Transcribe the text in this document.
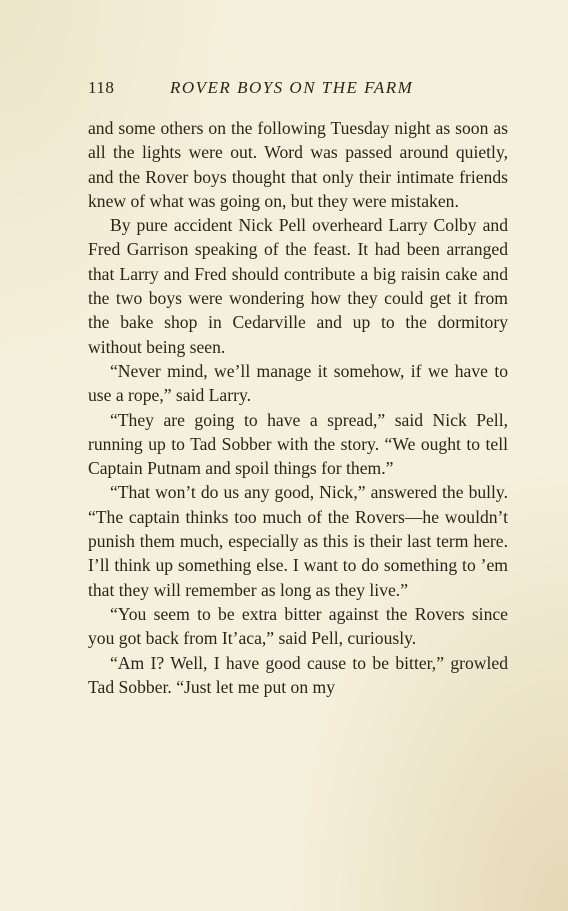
118	ROVER BOYS ON THE FARM

and some others on the following Tuesday night as soon as all the lights were out. Word was passed around quietly, and the Rover boys thought that only their intimate friends knew of what was going on, but they were mistaken.

By pure accident Nick Pell overheard Larry Colby and Fred Garrison speaking of the feast. It had been arranged that Larry and Fred should contribute a big raisin cake and the two boys were wondering how they could get it from the bake shop in Cedarville and up to the dormitory without being seen.

“Never mind, we’ll manage it somehow, if we have to use a rope,” said Larry.

“They are going to have a spread,” said Nick Pell, running up to Tad Sobber with the story. “We ought to tell Captain Putnam and spoil things for them.”

“That won’t do us any good, Nick,” answered the bully. “The captain thinks too much of the Rovers—he wouldn’t punish them much, especially as this is their last term here. I’ll think up something else. I want to do something to ’em that they will remember as long as they live.”

“You seem to be extra bitter against the Rovers since you got back from It’aca,” said Pell, curiously.

“Am I? Well, I have good cause to be bitter,” growled Tad Sobber. “Just let me put on my
